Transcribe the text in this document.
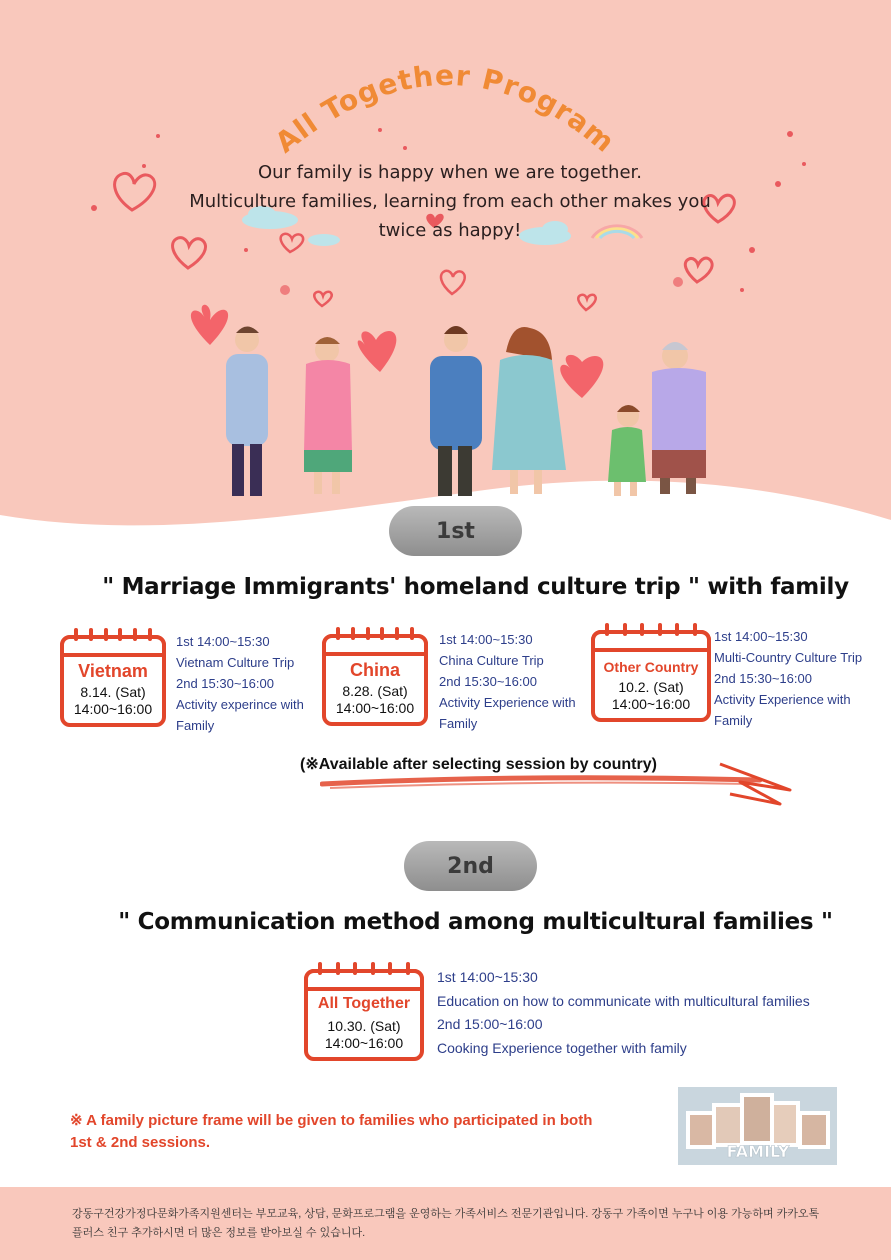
All Together Program
Our family is happy when we are together.
Multiculture families, learning from each other makes you
twice as happy!
1st
" Marriage Immigrants' homeland culture trip " with family
Vietnam
8.14. (Sat)
14:00~16:00
1st 14:00~15:30
Vietnam Culture Trip
2nd 15:30~16:00
Activity experince with
Family
China
8.28. (Sat)
14:00~16:00
1st 14:00~15:30
China Culture Trip
2nd 15:30~16:00
Activity Experience with
Family
Other Country
10.2. (Sat)
14:00~16:00
1st 14:00~15:30
Multi-Country Culture Trip
2nd 15:30~16:00
Activity Experience with
Family
(※Available after selecting session by country)
2nd
" Communication method among multicultural families "
All Together
10.30. (Sat)
14:00~16:00
1st 14:00~15:30
Education on how to communicate with multicultural families
2nd 15:00~16:00
Cooking Experience together with family
※ A family picture frame will be given to families who participated in both
1st & 2nd sessions.	FAMILY

강동구건강가정다문화가족지원센터는 부모교육, 상담, 문화프로그램을 운영하는 가족서비스 전문기관입니다. 강동구 가족이면 누구나 이용 가능하며 카카오톡 플러스 친구 추가하시면 더 많은 정보를 받아보실 수 있습니다.
